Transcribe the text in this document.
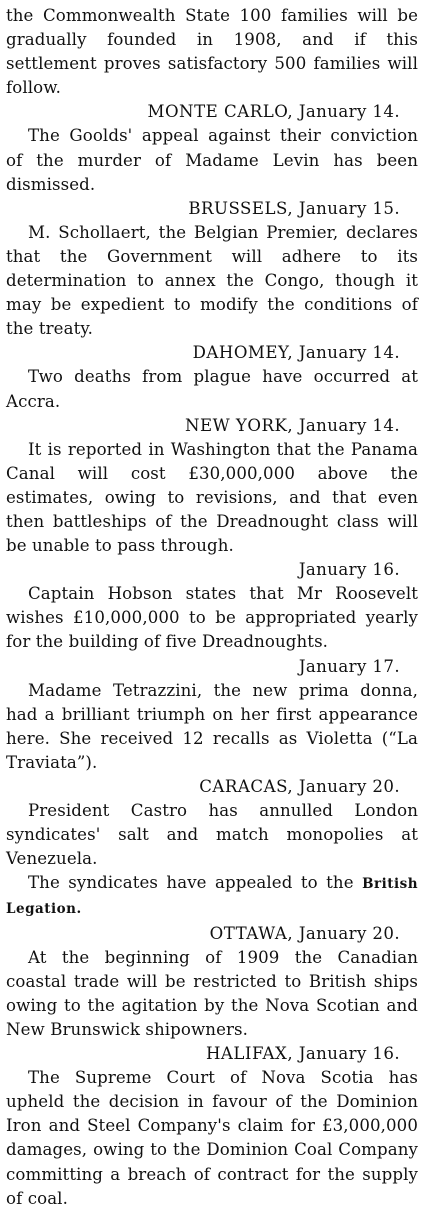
the Commonwealth State 100 families will be gradually founded in 1908, and if this settlement proves satisfactory 500 families will follow.

MONTE CARLO, January 14.

The Goolds' appeal against their conviction of the murder of Madame Levin has been dismissed.

BRUSSELS, January 15.

M. Schollaert, the Belgian Premier, declares that the Government will adhere to its determination to annex the Congo, though it may be expedient to modify the conditions of the treaty.

DAHOMEY, January 14.

Two deaths from plague have occurred at Accra.

NEW YORK, January 14.

It is reported in Washington that the Panama Canal will cost £30,000,000 above the estimates, owing to revisions, and that even then battleships of the Dreadnought class will be unable to pass through.

January 16.

Captain Hobson states that Mr Roosevelt wishes £10,000,000 to be appropriated yearly for the building of five Dreadnoughts.

January 17.

Madame Tetrazzini, the new prima donna, had a brilliant triumph on her first appearance here. She received 12 recalls as Violetta (“La Traviata”).

CARACAS, January 20.

President Castro has annulled London syndicates' salt and match monopolies at Venezuela.

The syndicates have appealed to the British Legation.

OTTAWA, January 20.

At the beginning of 1909 the Canadian coastal trade will be restricted to British ships owing to the agitation by the Nova Scotian and New Brunswick shipowners.

HALIFAX, January 16.

The Supreme Court of Nova Scotia has upheld the decision in favour of the Dominion Iron and Steel Company's claim for £3,000,000 damages, owing to the Dominion Coal Company committing a breach of contract for the supply of coal.
